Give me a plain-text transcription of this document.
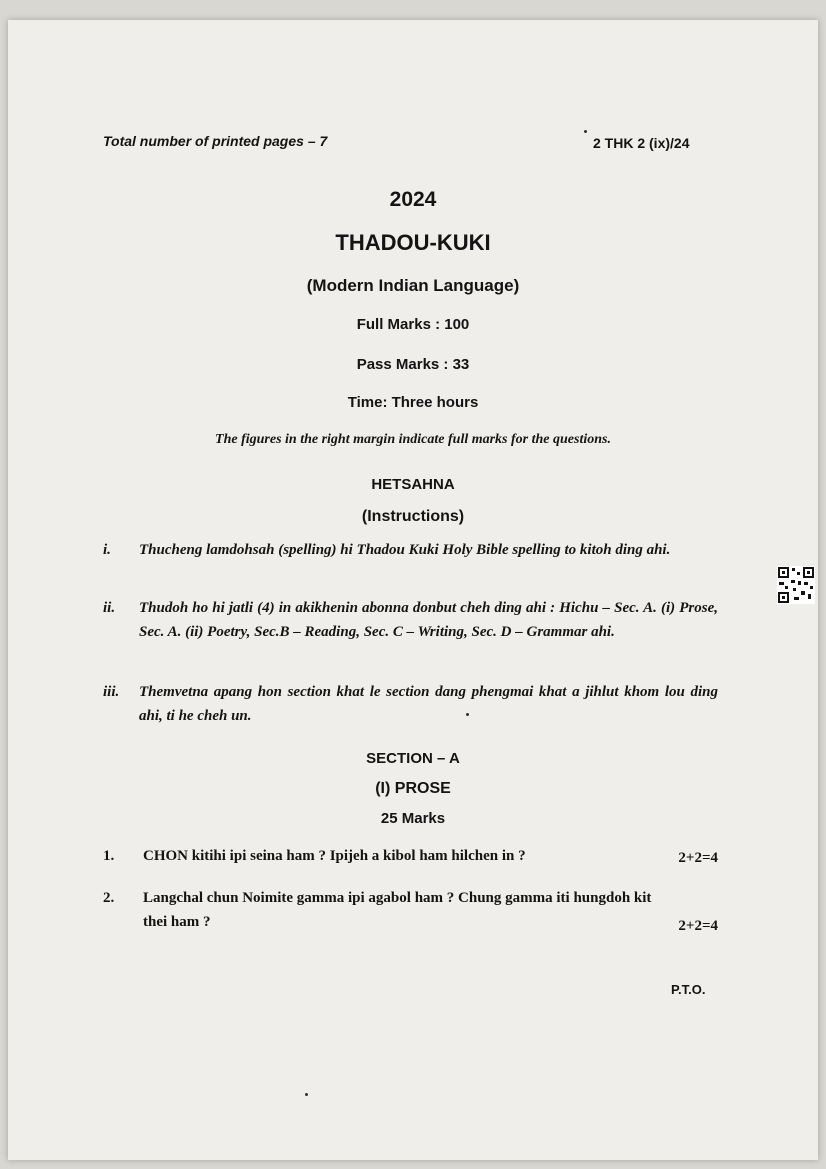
Total number of printed pages – 7	2 THK 2 (ix)/24
2024
THADOU-KUKI
(Modern Indian Language)
Full Marks : 100
Pass Marks : 33
Time: Three hours
The figures in the right margin indicate full marks for the questions.
HETSAHNA
(Instructions)
i. Thucheng lamdohsah (spelling) hi Thadou Kuki Holy Bible spelling to kitoh ding ahi.
ii. Thudoh ho hi jatli (4) in akikhenin abonna donbut cheh ding ahi : Hichu – Sec. A. (i) Prose, Sec. A. (ii) Poetry, Sec.B – Reading, Sec. C – Writing, Sec. D – Grammar ahi.
iii. Themvetna apang hon section khat le section dang phengmai khat a jihlut khom lou ding ahi, ti he cheh un.
SECTION – A
(I) PROSE
25 Marks
1. CHON kitihi ipi seina ham ? Ipijeh a kibol ham hilchen in ?	2+2=4
2. Langchal chun Noimite gamma ipi agabol ham ? Chung gamma iti hungdoh kit thei ham ?	2+2=4
P.T.O.
